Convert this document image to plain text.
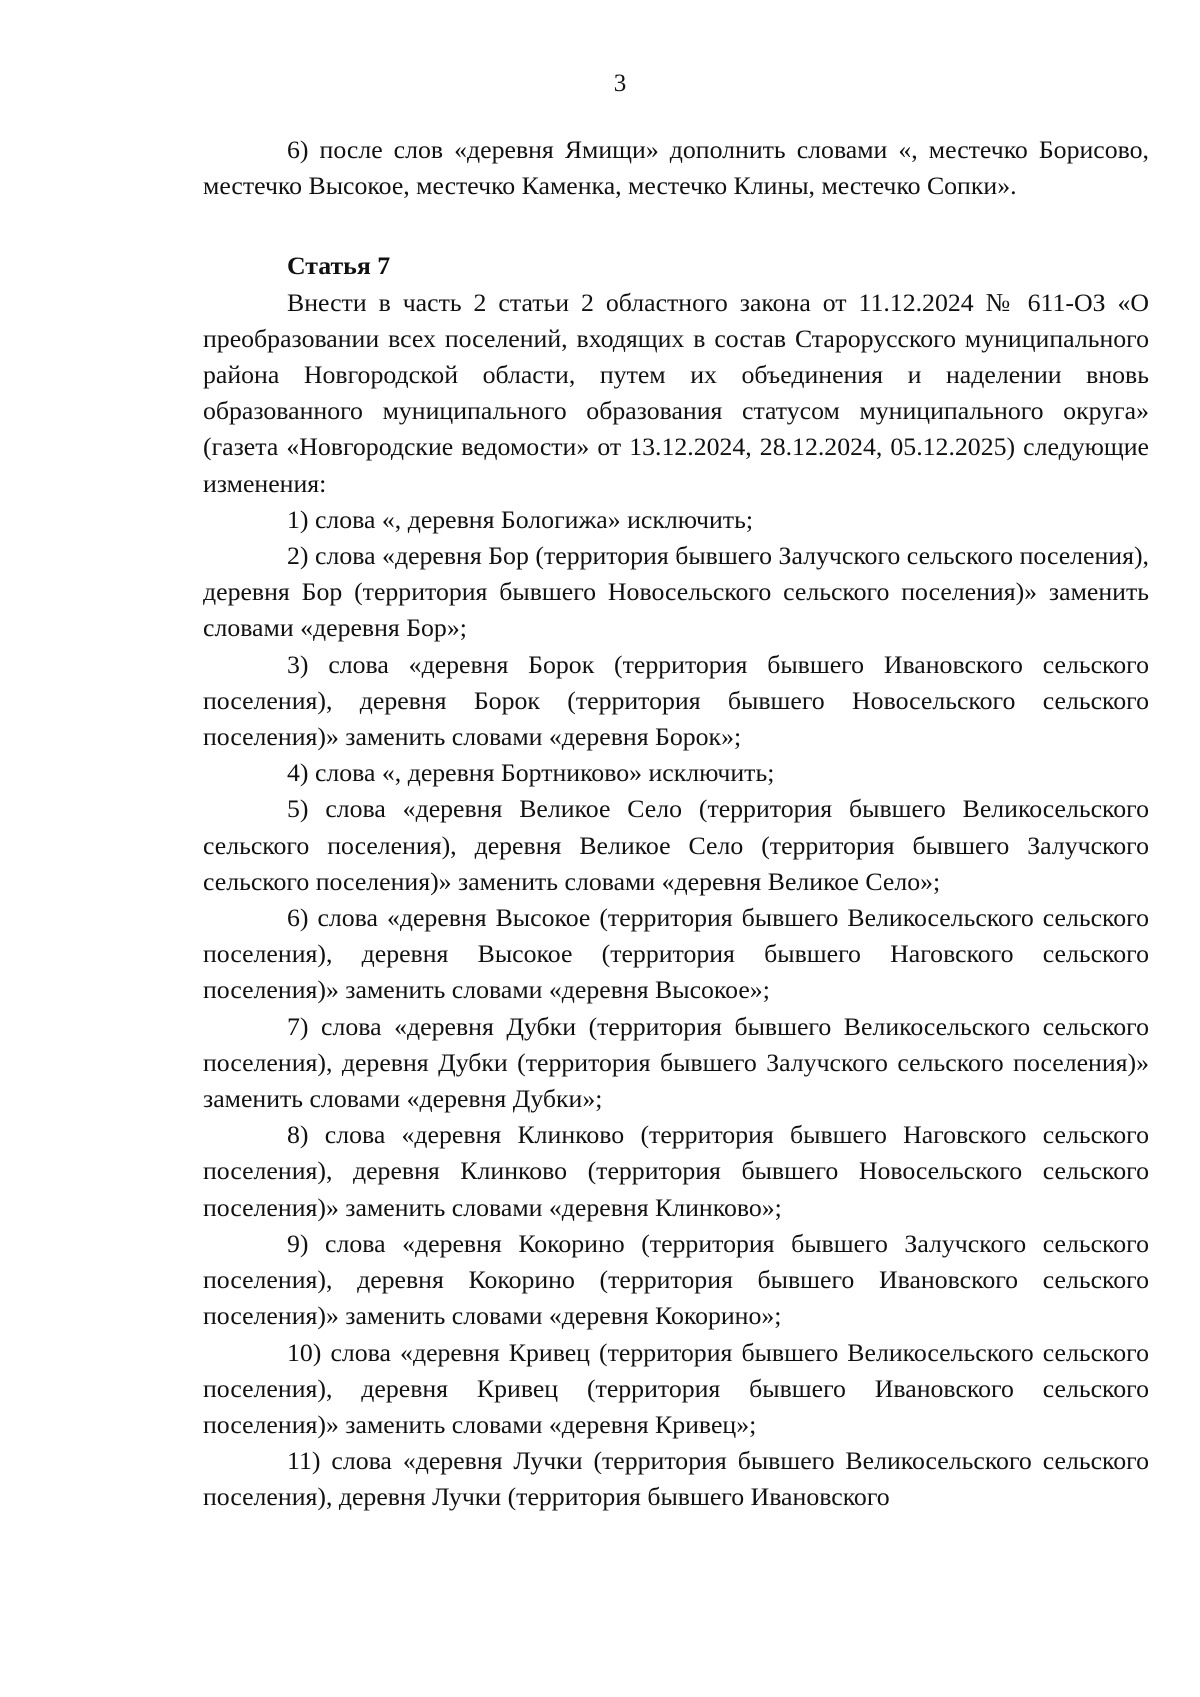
3

6) после слов «деревня Ямищи» дополнить словами «, местечко Борисово, местечко Высокое, местечко Каменка, местечко Клины, местечко Сопки».

Статья 7

Внести в часть 2 статьи 2 областного закона от 11.12.2024 № 611-ОЗ «О преобразовании всех поселений, входящих в состав Старорусского муниципального района Новгородской области, путем их объединения и наделении вновь образованного муниципального образования статусом муниципального округа» (газета «Новгородские ведомости» от 13.12.2024, 28.12.2024, 05.12.2025) следующие изменения:

1) слова «, деревня Бологижа» исключить;

2) слова «деревня Бор (территория бывшего Залучского сельского поселения), деревня Бор (территория бывшего Новосельского сельского поселения)» заменить словами «деревня Бор»;

3) слова «деревня Борок (территория бывшего Ивановского сельского поселения), деревня Борок (территория бывшего Новосельского сельского поселения)» заменить словами «деревня Борок»;

4) слова «, деревня Бортниково» исключить;

5) слова «деревня Великое Село (территория бывшего Великосельского сельского поселения), деревня Великое Село (территория бывшего Залучского сельского поселения)» заменить словами «деревня Великое Село»;

6) слова «деревня Высокое (территория бывшего Великосельского сельского поселения), деревня Высокое (территория бывшего Наговского сельского поселения)» заменить словами «деревня Высокое»;

7) слова «деревня Дубки (территория бывшего Великосельского сельского поселения), деревня Дубки (территория бывшего Залучского сельского поселения)» заменить словами «деревня Дубки»;

8) слова «деревня Клинково (территория бывшего Наговского сельского поселения), деревня Клинково (территория бывшего Новосельского сельского поселения)» заменить словами «деревня Клинково»;

9) слова «деревня Кокорино (территория бывшего Залучского сельского поселения), деревня Кокорино (территория бывшего Ивановского сельского поселения)» заменить словами «деревня Кокорино»;

10) слова «деревня Кривец (территория бывшего Великосельского сельского поселения), деревня Кривец (территория бывшего Ивановского сельского поселения)» заменить словами «деревня Кривец»;

11) слова «деревня Лучки (территория бывшего Великосельского сельского поселения), деревня Лучки (территория бывшего Ивановского
